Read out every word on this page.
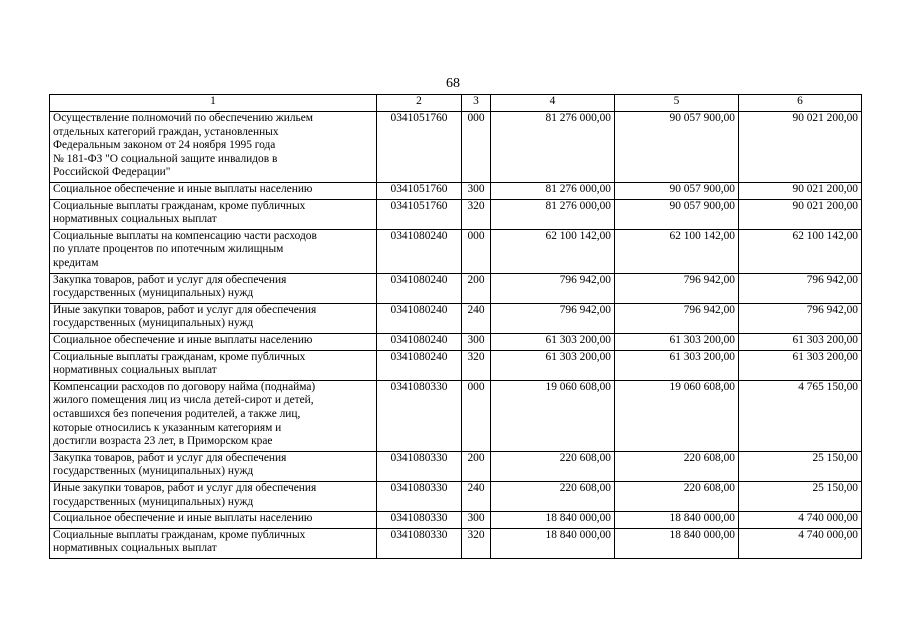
68
1	2	3	4	5	6
Осуществление полномочий по обеспечению жильем
отдельных категорий граждан, установленных
Федеральным законом от 24 ноября 1995 года
№ 181-ФЗ "О социальной защите инвалидов в
Российской Федерации"	0341051760	000	81 276 000,00	90 057 900,00	90 021 200,00
Социальное обеспечение и иные выплаты населению	0341051760	300	81 276 000,00	90 057 900,00	90 021 200,00
Социальные выплаты гражданам, кроме публичных
нормативных социальных выплат	0341051760	320	81 276 000,00	90 057 900,00	90 021 200,00
Социальные выплаты на компенсацию части расходов
по уплате процентов по ипотечным жилищным
кредитам	0341080240	000	62 100 142,00	62 100 142,00	62 100 142,00
Закупка товаров, работ и услуг для обеспечения
государственных (муниципальных) нужд	0341080240	200	796 942,00	796 942,00	796 942,00
Иные закупки товаров, работ и услуг для обеспечения
государственных (муниципальных) нужд	0341080240	240	796 942,00	796 942,00	796 942,00
Социальное обеспечение и иные выплаты населению	0341080240	300	61 303 200,00	61 303 200,00	61 303 200,00
Социальные выплаты гражданам, кроме публичных
нормативных социальных выплат	0341080240	320	61 303 200,00	61 303 200,00	61 303 200,00
Компенсации расходов по договору найма (поднайма)
жилого помещения лиц из числа детей-сирот и детей,
оставшихся без попечения родителей, а также лиц,
которые относились к указанным категориям и
достигли возраста 23 лет, в Приморском крае	0341080330	000	19 060 608,00	19 060 608,00	4 765 150,00
Закупка товаров, работ и услуг для обеспечения
государственных (муниципальных) нужд	0341080330	200	220 608,00	220 608,00	25 150,00
Иные закупки товаров, работ и услуг для обеспечения
государственных (муниципальных) нужд	0341080330	240	220 608,00	220 608,00	25 150,00
Социальное обеспечение и иные выплаты населению	0341080330	300	18 840 000,00	18 840 000,00	4 740 000,00
Социальные выплаты гражданам, кроме публичных
нормативных социальных выплат	0341080330	320	18 840 000,00	18 840 000,00	4 740 000,00
